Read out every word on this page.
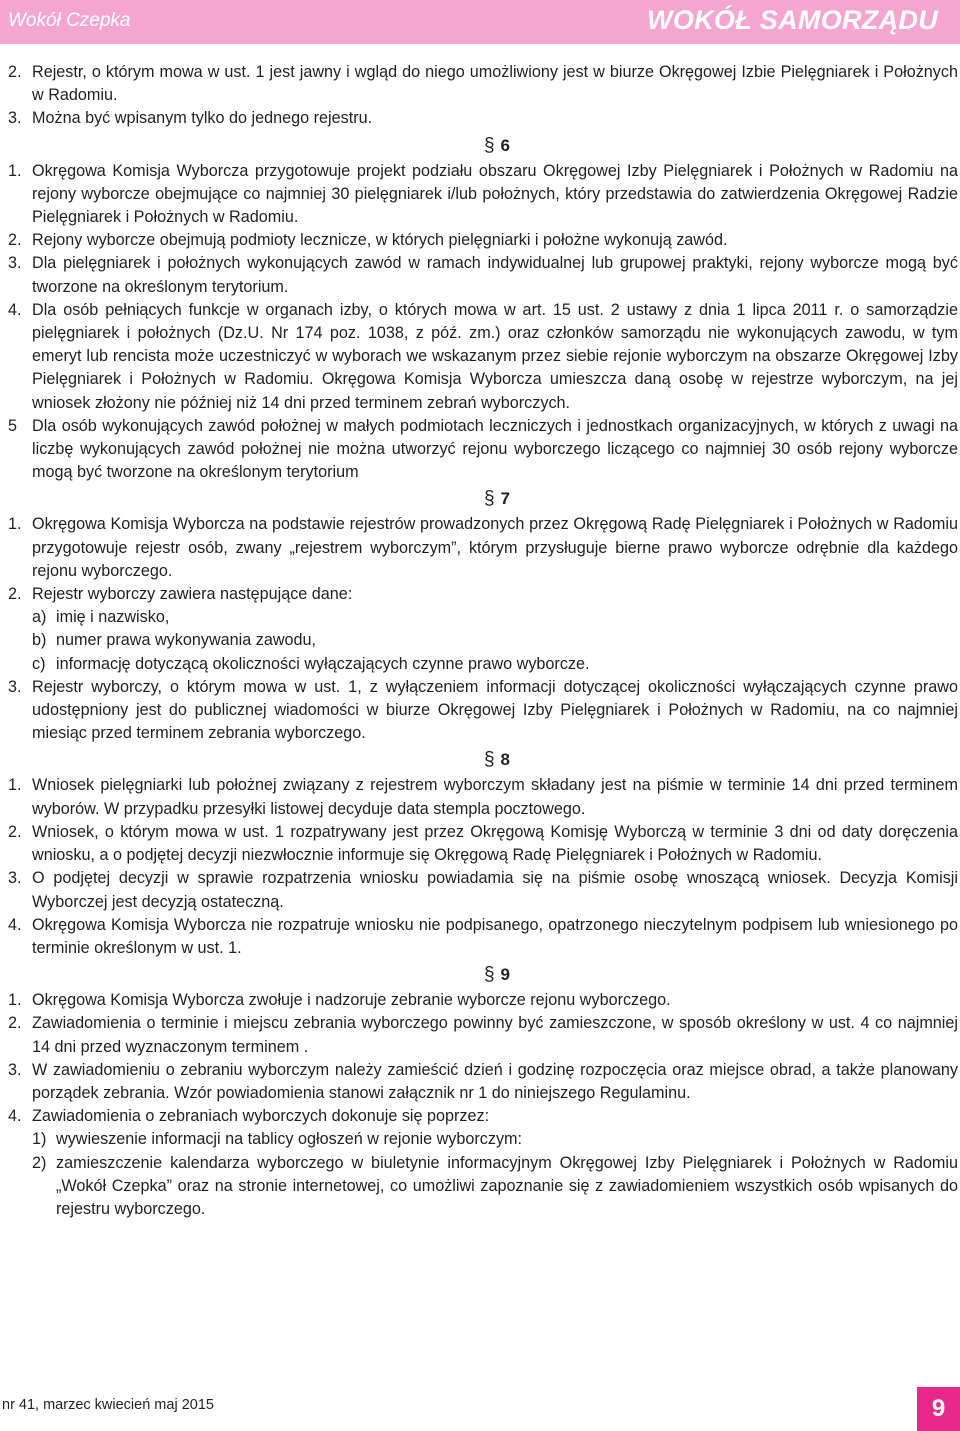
Wokół Czepka	WOKÓŁ SAMORZĄDU
2. Rejestr, o którym mowa w ust. 1 jest jawny i wgląd do niego umożliwiony jest w biurze Okręgowej Izbie Pielęgniarek i Położnych w Radomiu.
3. Można być wpisanym tylko do jednego rejestru.
§ 6
1. Okręgowa Komisja Wyborcza przygotowuje projekt podziału obszaru Okręgowej Izby Pielęgniarek i Położnych w Radomiu na rejony wyborcze obejmujące co najmniej 30 pielęgniarek i/lub położnych, który przedstawia do zatwierdzenia Okręgowej Radzie Pielęgniarek i Położnych w Radomiu.
2. Rejony wyborcze obejmują podmioty lecznicze, w których pielęgniarki i położne wykonują zawód.
3. Dla pielęgniarek i położnych wykonujących zawód w ramach indywidualnej lub grupowej praktyki, rejony wyborcze mogą być tworzone na określonym terytorium.
4. Dla osób pełniących funkcje w organach izby, o których mowa w art. 15 ust. 2 ustawy z dnia 1 lipca 2011 r. o samorządzie pielęgniarek i położnych (Dz.U. Nr 174 poz. 1038, z póź. zm.) oraz członków samorządu nie wykonujących zawodu, w tym emeryt lub rencista może uczestniczyć w wyborach we wskazanym przez siebie rejonie wyborczym na obszarze Okręgowej Izby Pielęgniarek i Położnych w Radomiu. Okręgowa Komisja Wyborcza umieszcza daną osobę w rejestrze wyborczym, na jej wniosek złożony nie później niż 14 dni przed terminem zebrań wyborczych.
5 Dla osób wykonujących zawód położnej w małych podmiotach leczniczych i jednostkach organizacyjnych, w których z uwagi na liczbę wykonujących zawód położnej nie można utworzyć rejonu wyborczego liczącego co najmniej 30 osób rejony wyborcze mogą być tworzone na określonym terytorium
§ 7
1. Okręgowa Komisja Wyborcza na podstawie rejestrów prowadzonych przez Okręgową Radę Pielęgniarek i Położnych w Radomiu przygotowuje rejestr osób, zwany „rejestrem wyborczym”, którym przysługuje bierne prawo wyborcze odrębnie dla każdego rejonu wyborczego.
2. Rejestr wyborczy zawiera następujące dane:
a) imię i nazwisko,
b) numer prawa wykonywania zawodu,
c) informację dotyczącą okoliczności wyłączających czynne prawo wyborcze.
3. Rejestr wyborczy, o którym mowa w ust. 1, z wyłączeniem informacji dotyczącej okoliczności wyłączających czynne prawo udostępniony jest do publicznej wiadomości w biurze Okręgowej Izby Pielęgniarek i Położnych w Radomiu, na co najmniej miesiąc przed terminem zebrania wyborczego.
§ 8
1. Wniosek pielęgniarki lub położnej związany z rejestrem wyborczym składany jest na piśmie w terminie 14 dni przed terminem wyborów. W przypadku przesyłki listowej decyduje data stempla pocztowego.
2. Wniosek, o którym mowa w ust. 1 rozpatrywany jest przez Okręgową Komisję Wyborczą w terminie 3 dni od daty doręczenia wniosku, a o podjętej decyzji niezwłocznie informuje się Okręgową Radę Pielęgniarek i Położnych w Radomiu.
3. O podjętej decyzji w sprawie rozpatrzenia wniosku powiadamia się na piśmie osobę wnoszącą wniosek. Decyzja Komisji Wyborczej jest decyzją ostateczną.
4. Okręgowa Komisja Wyborcza nie rozpatruje wniosku nie podpisanego, opatrzonego nieczytelnym podpisem lub wniesionego po terminie określonym w ust. 1.
§ 9
1. Okręgowa Komisja Wyborcza zwołuje i nadzoruje zebranie wyborcze rejonu wyborczego.
2. Zawiadomienia o terminie i miejscu zebrania wyborczego powinny być zamieszczone, w sposób określony w ust. 4 co najmniej 14 dni przed wyznaczonym terminem .
3. W zawiadomieniu o zebraniu wyborczym należy zamieścić dzień i godzinę rozpoczęcia oraz miejsce obrad, a także planowany porządek zebrania. Wzór powiadomienia stanowi załącznik nr 1 do niniejszego Regulaminu.
4. Zawiadomienia o zebraniach wyborczych dokonuje się poprzez:
1) wywieszenie informacji na tablicy ogłoszeń w rejonie wyborczym:
2) zamieszczenie kalendarza wyborczego w biuletynie informacyjnym Okręgowej Izby Pielęgniarek i Położnych w Radomiu „Wokół Czepka” oraz na stronie internetowej, co umożliwi zapoznanie się z zawiadomieniem wszystkich osób wpisanych do rejestru wyborczego.
nr 41, marzec kwiecień maj 2015	9
